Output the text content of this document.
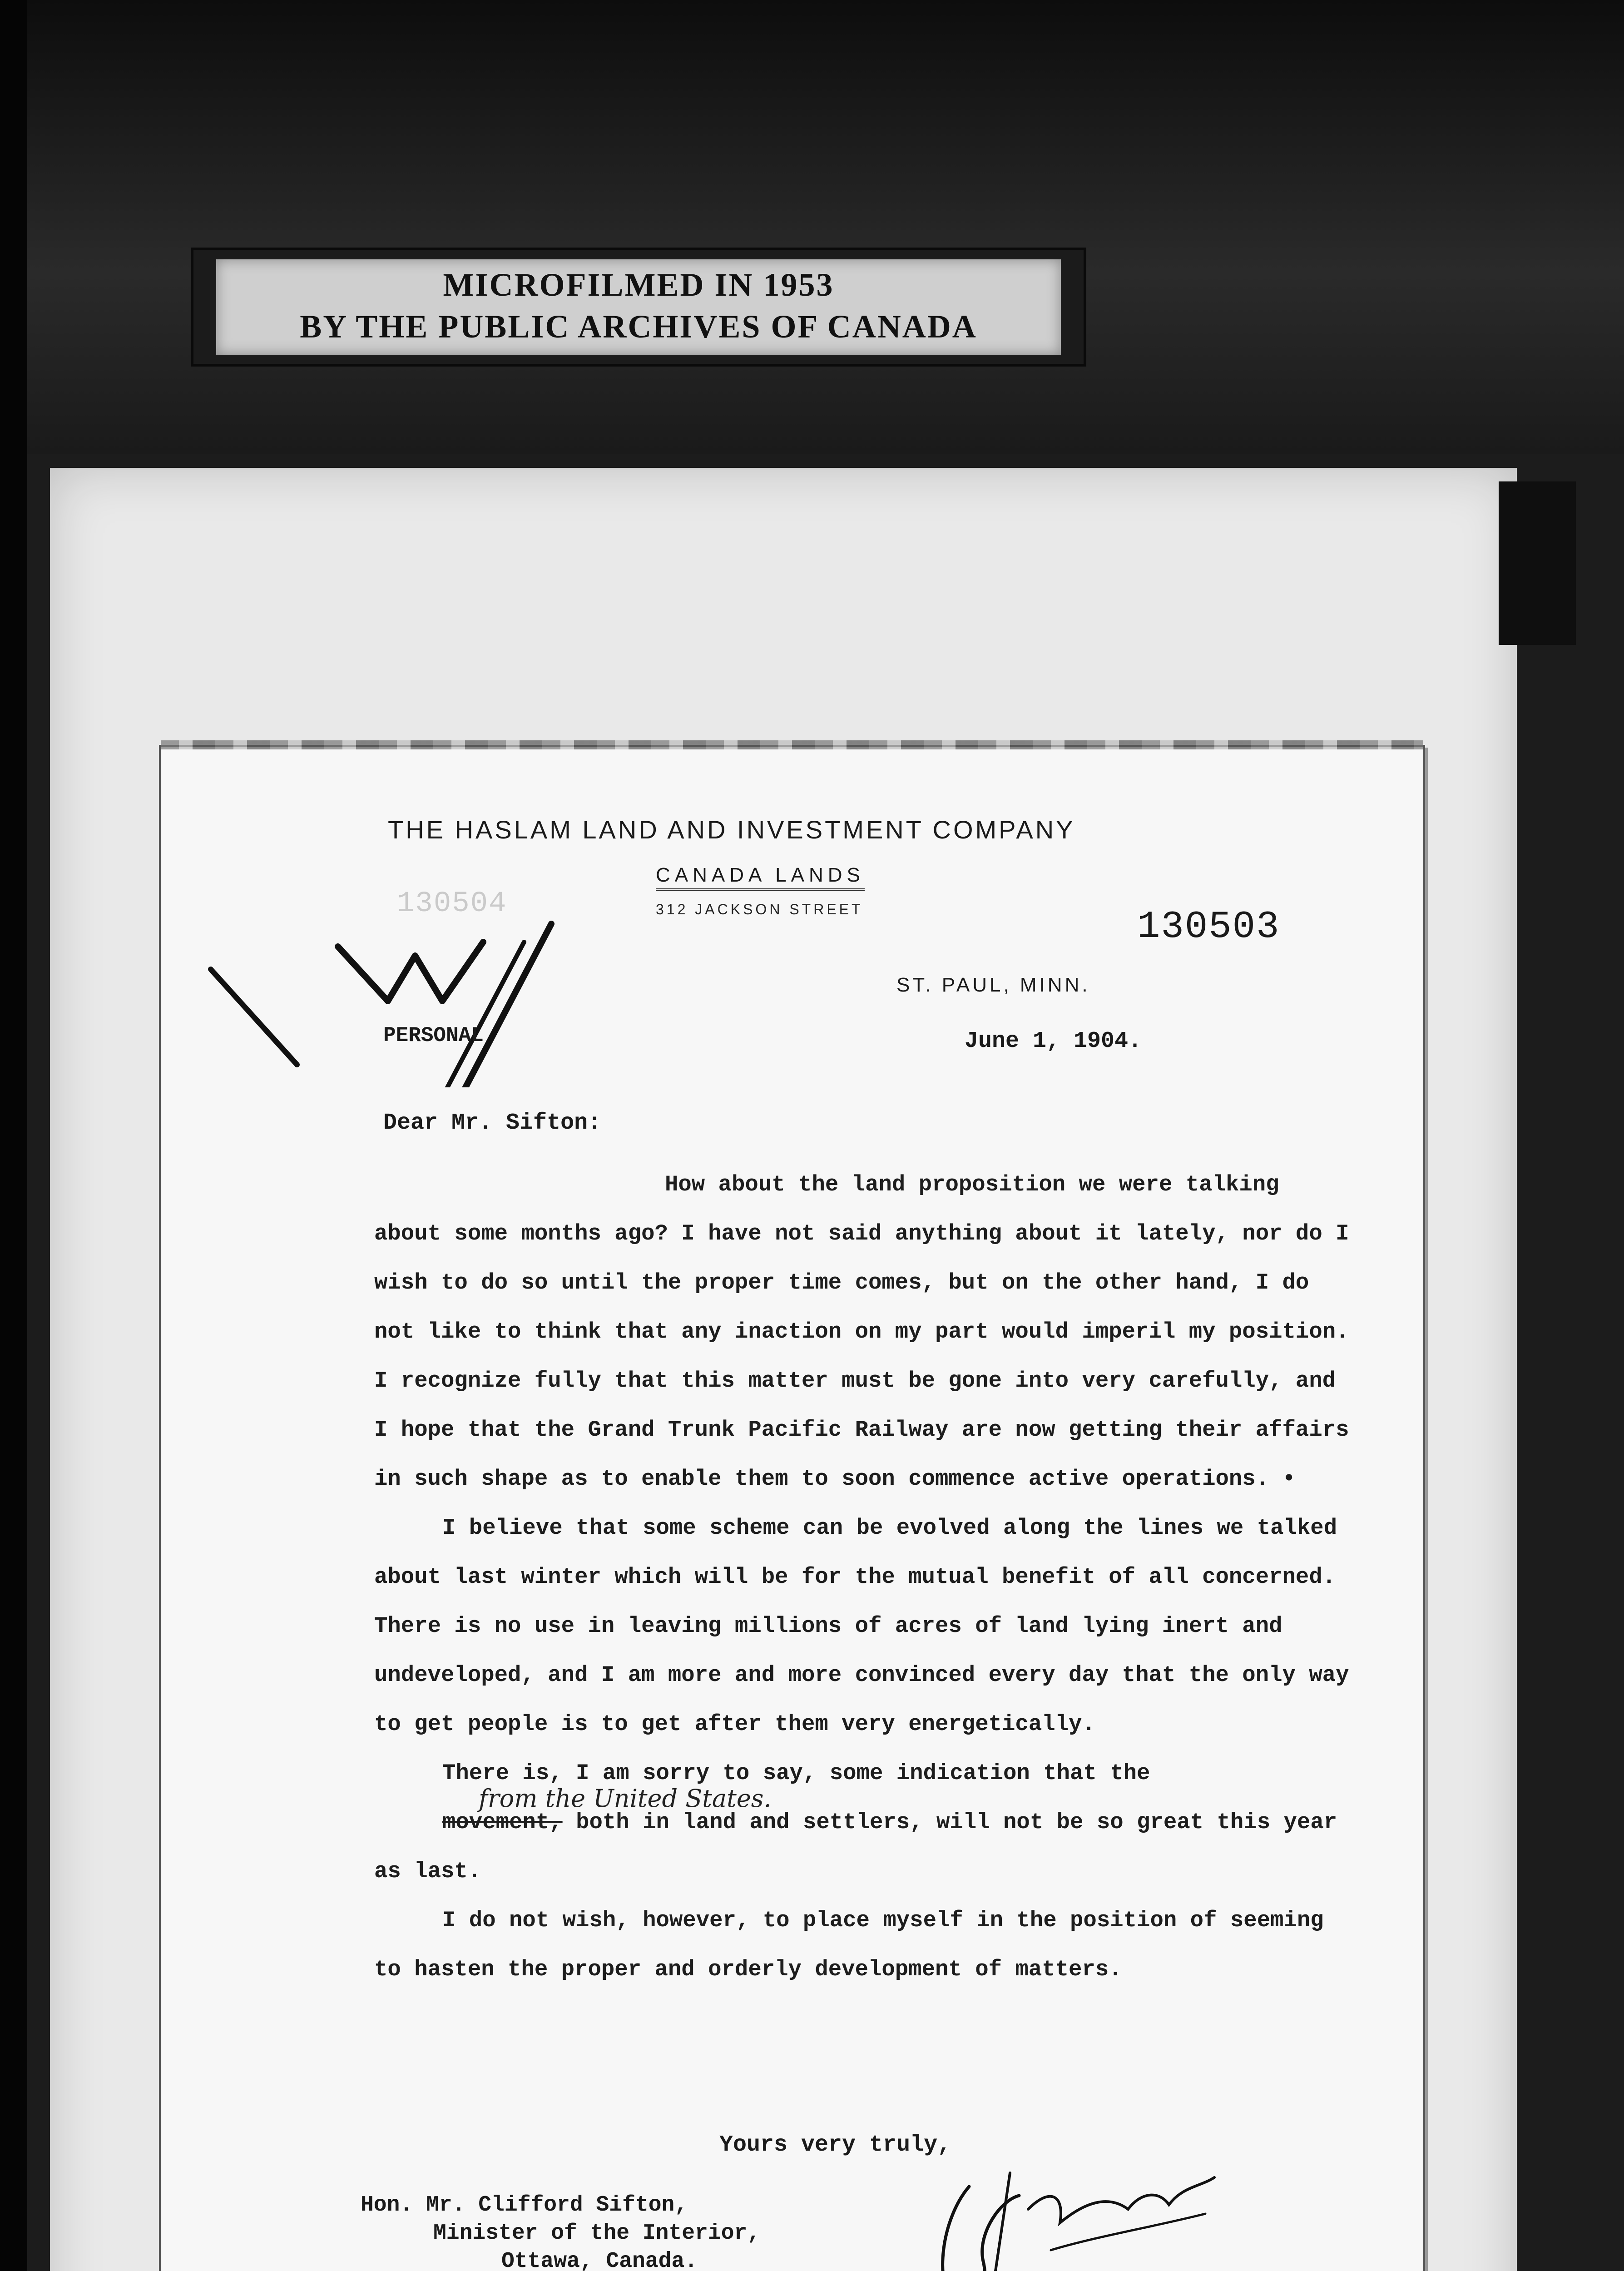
MICROFILMED IN 1953
BY THE PUBLIC ARCHIVES OF CANADA
130504
THE HASLAM LAND AND INVESTMENT COMPANY
CANADA LANDS
312 JACKSON STREET	130503
ST. PAUL, MINN.
PERSONAL	June 1, 1904.
Dear Mr. Sifton:

How about the land proposition we were talking about some months ago? I have not said anything about it lately, nor do I wish to do so until the proper time comes, but on the other hand, I do not like to think that any inaction on my part would imperil my position. I recognize fully that this matter must be gone into very carefully, and I hope that the Grand Trunk Pacific Railway are now getting their affairs in such shape as to enable them to soon commence active operations. •

I believe that some scheme can be evolved along the lines we talked about last winter which will be for the mutual benefit of all concerned. There is no use in leaving millions of acres of land lying inert and undeveloped, and I am more and more convinced every day that the only way to get people is to get after them very energetically.

There is, I am sorry to say, some indication that the movement,
from the United States.
both in land and settlers, will not be so great this year as last.

I do not wish, however, to place myself in the position of seeming to hasten the proper and orderly development of matters.

Yours very truly,
Hon. Mr. Clifford Sifton,
Minister of the Interior,
Ottawa, Canada.
